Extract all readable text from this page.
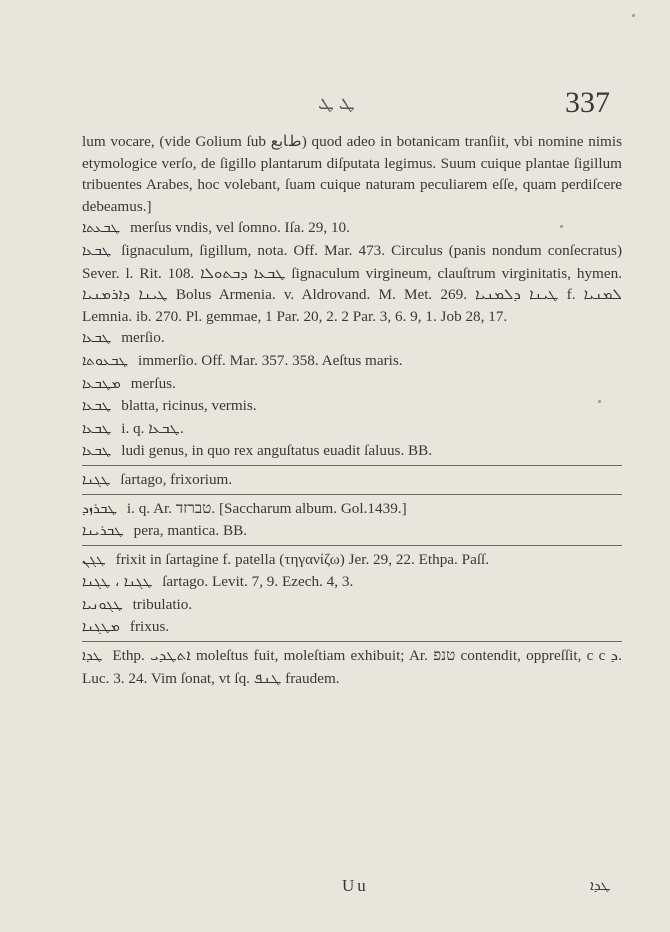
ܛ ܛ	337
lum vocare, (vide Golium ſub ﻁﺎﺑﻊ) quod adeo in botanicam tranſiit, vbi nomine nimis etymologice verſo, de ſigillo plantarum diſputata legimus. Suum cuique plantae ſigillum tribuentes Arabes, hoc volebant, ſuam cuique naturam peculiarem eſſe, quam perdiſcere debeamus.]
ܛܒܥܬܐ merſus vndis, vel ſomno. Iſa. 29, 10.
ܛܒܥܐ ſignaculum, ſigillum, nota. Off. Mar. 473. Circulus (panis nondum conſecratus) Sever. l. Rit. 108. ܛܒܥܐ ܕܒܬܘܠܐ ſignaculum virgineum, clauſtrum virginitatis, hymen. ܛܝܢܐ ܕܐܪܡܢܝܐ Bolus Armenia. v. Aldrovand. M. Met. 269. ܛܝܢܐ ܕܠܡܢܝܐ f. ܠܡܢܝܐ Lemnia. ib. 270. Pl. gemmae, 1 Par. 20, 2. 2 Par. 3, 6. 9, 1. Job 28, 17.
ܛܒܥܐ merſio.
ܛܒܥܘܬܐ immerſio. Off. Mar. 357. 358. Aeſtus maris.
ܡܛܒܥܐ merſus.
ܛܒܥܐ blatta, ricinus, vermis.
ܛܒܥܐ i. q. ܛܒܥܐ.
ܛܒܥܐ ludi genus, in quo rex anguſtatus euadit ſaluus. BB.
ܛܓܢܐ ſartago, frixorium.
ܛܒܪܙܕ i. q. Ar. טברזד. [Saccharum album. Gol.1439.]
ܛܒܪܝܢܐ pera, mantica. BB.
ܛܓܢ frixit in ſartagine f. patella (τηγανίζω) Jer. 29, 22. Ethpa. Paſſ.
ܛܓܢܐ ، ܛܓܢܐ ſartago. Levit. 7, 9. Ezech. 4, 3.
ܛܓܘܢܝܐ tribulatio.
ܡܛܓܢܐ frixus.
ܛܕܐ Ethp. ܐܬܛܕܝ moleſtus fuit, moleſtiam exhibuit; Ar. טנפ contendit, oppreſſit, c c ܕ. Luc. 3. 24. Vim ſonat, vt ſq. ܛܢܦ fraudem.
Uu	ܛܕܐ
